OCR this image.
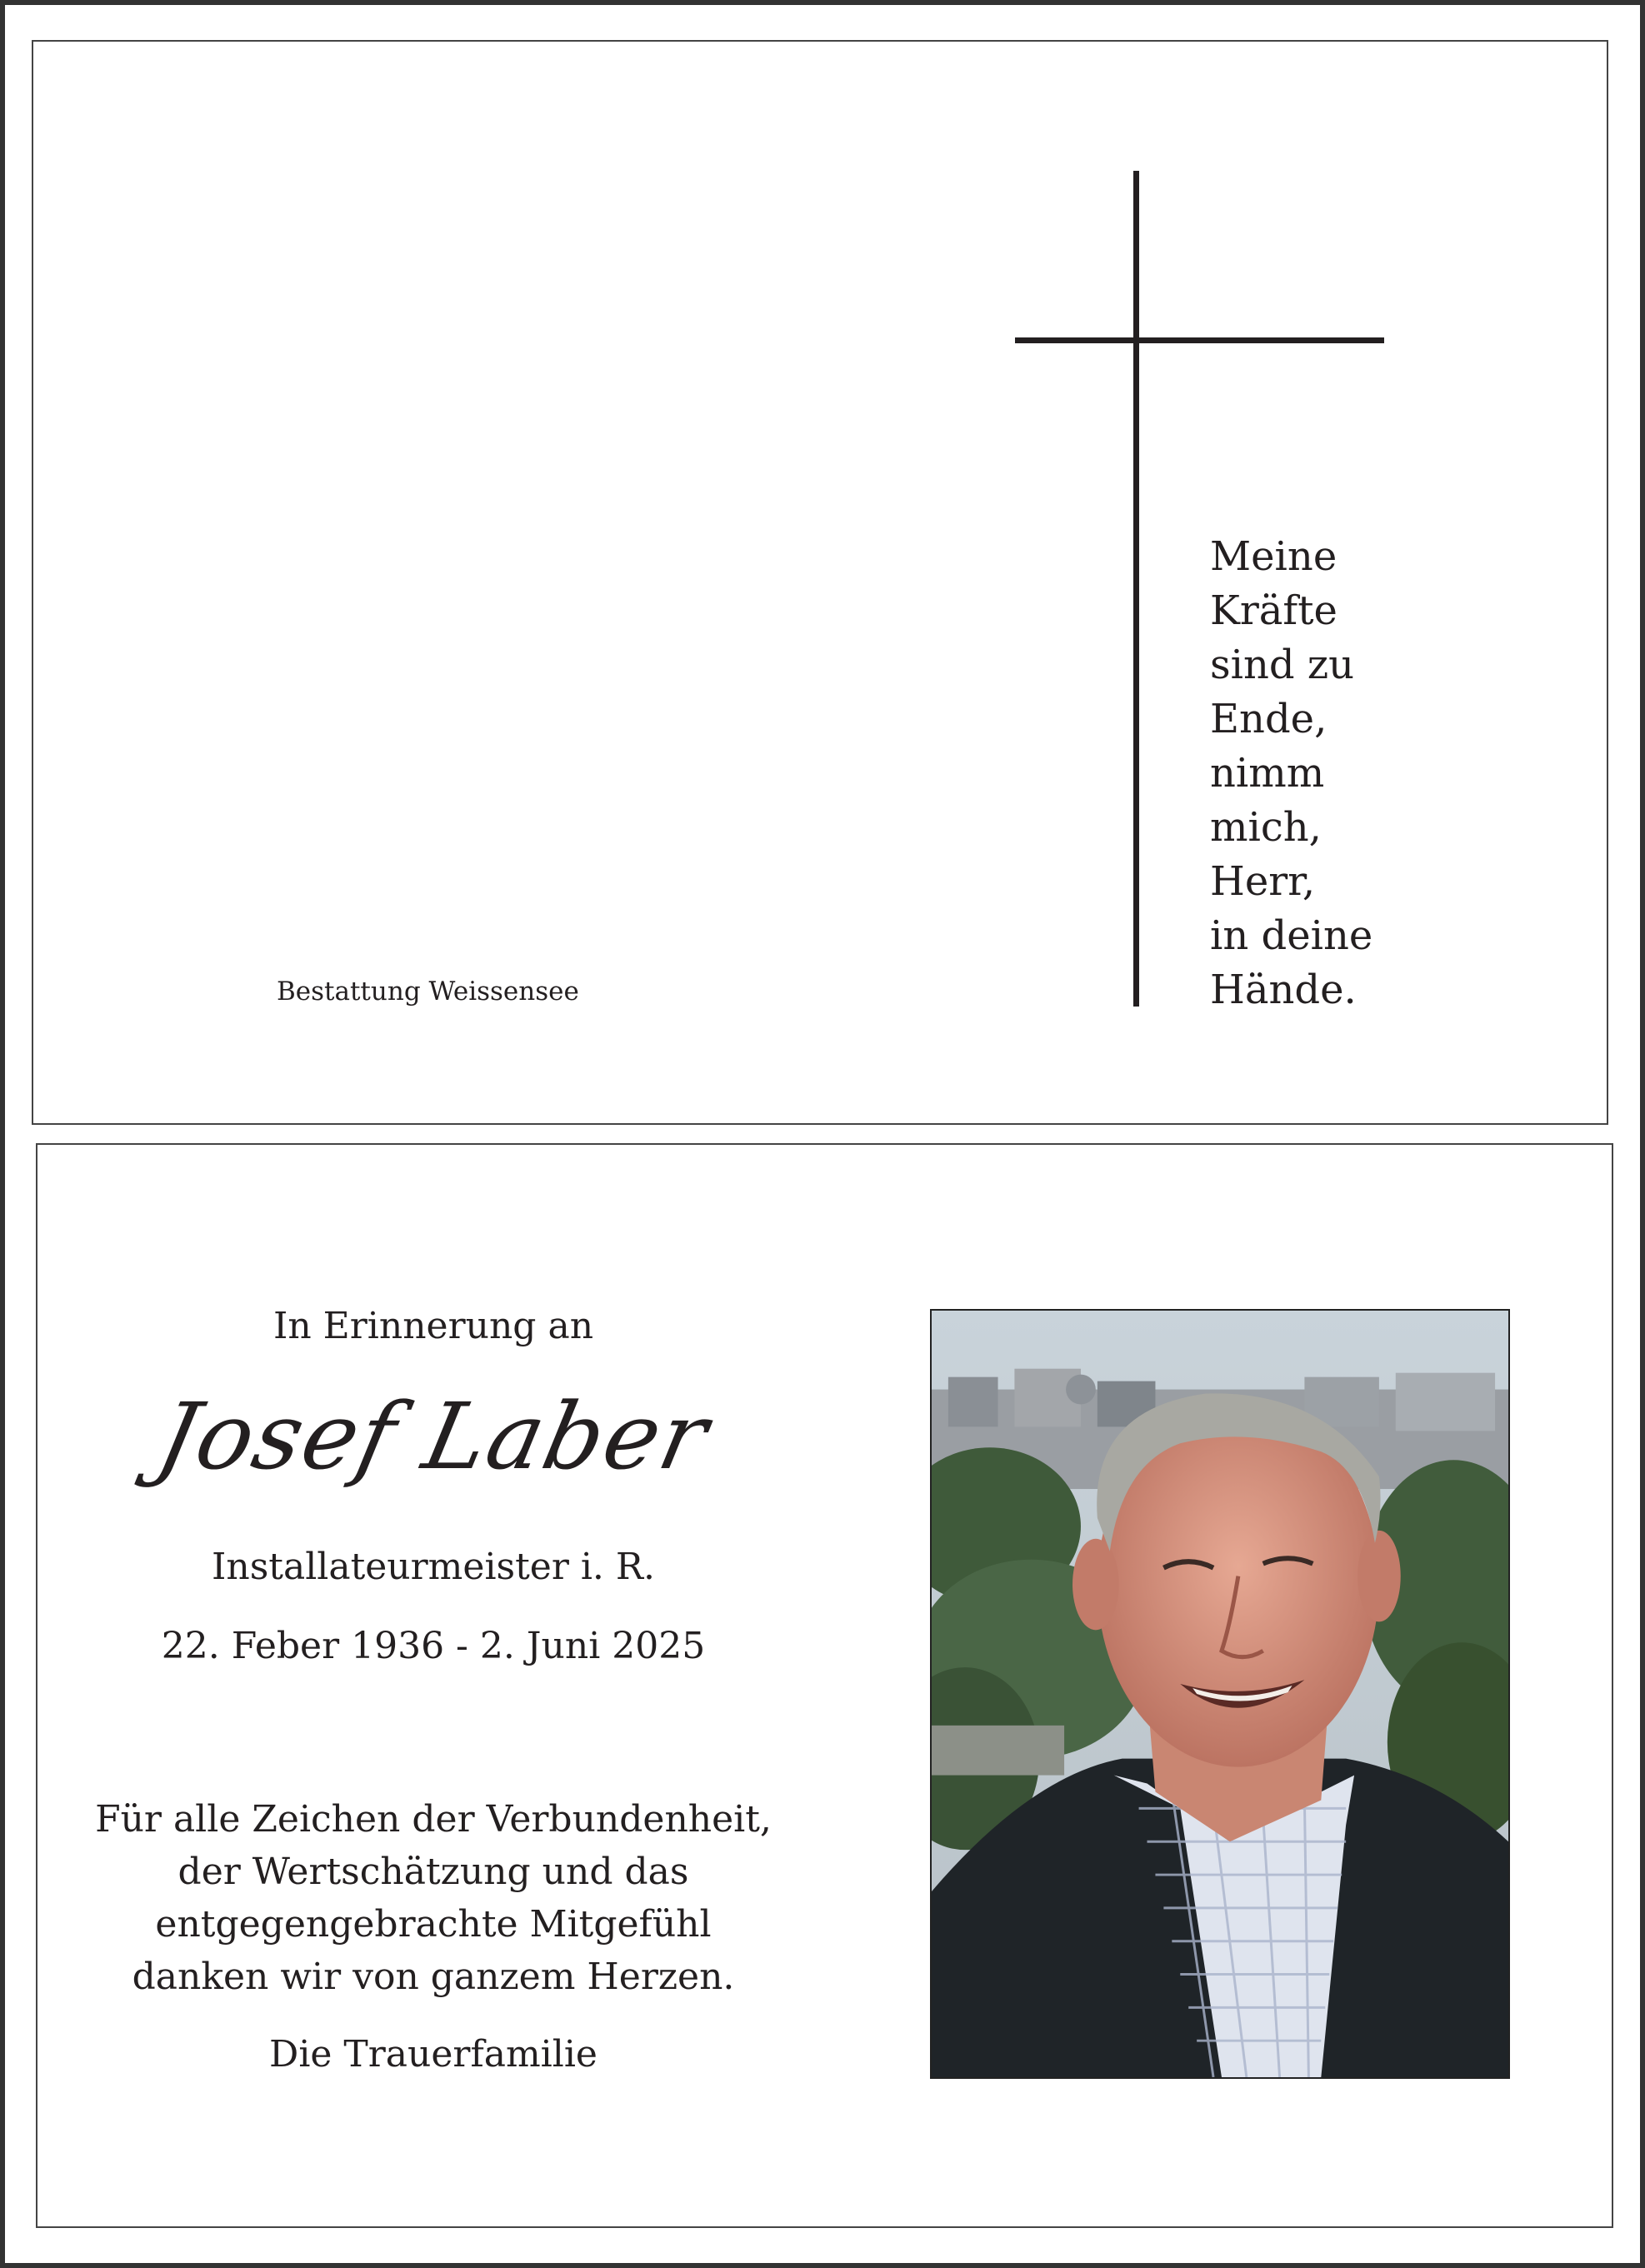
Meine
Kräfte
sind zu
Ende,
nimm
mich,
Herr,
in deine
Hände.
Bestattung Weissensee
In Erinnerung an
Josef Laber
Installateurmeister i. R.
22. Feber 1936 - 2. Juni 2025
Für alle Zeichen der Verbundenheit,
der Wertschätzung und das
entgegengebrachte Mitgefühl
danken wir von ganzem Herzen.
Die Trauerfamilie
